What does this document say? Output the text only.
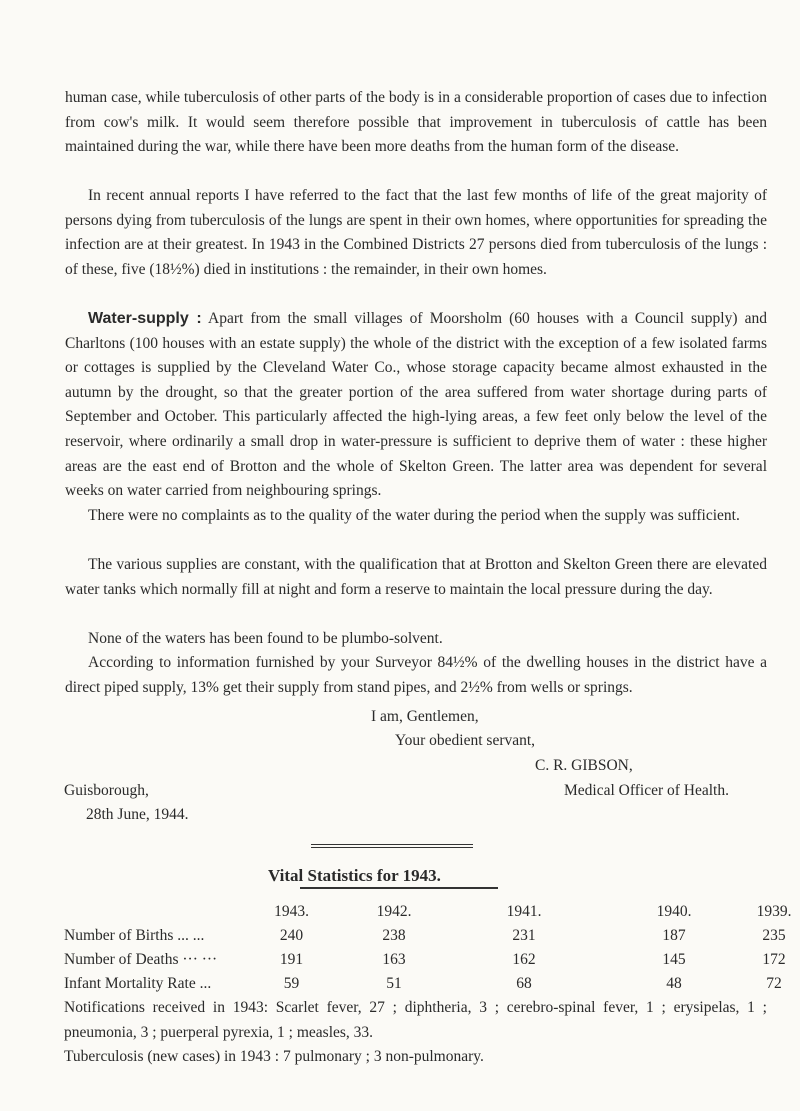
human case, while tuberculosis of other parts of the body is in a considerable proportion of cases due to infection from cow's milk. It would seem therefore possible that improvement in tuberculosis of cattle has been maintained during the war, while there have been more deaths from the human form of the disease.

In recent annual reports I have referred to the fact that the last few months of life of the great majority of persons dying from tuberculosis of the lungs are spent in their own homes, where opportunities for spreading the infection are at their greatest. In 1943 in the Combined Districts 27 persons died from tuberculosis of the lungs : of these, five (18½%) died in institutions : the remainder, in their own homes.

Water-supply : Apart from the small villages of Moorsholm (60 houses with a Council supply) and Charltons (100 houses with an estate supply) the whole of the district with the exception of a few isolated farms or cottages is supplied by the Cleveland Water Co., whose storage capacity became almost exhausted in the autumn by the drought, so that the greater portion of the area suffered from water shortage during parts of September and October. This particularly affected the high-lying areas, a few feet only below the level of the reservoir, where ordinarily a small drop in water-pressure is sufficient to deprive them of water : these higher areas are the east end of Brotton and the whole of Skelton Green. The latter area was dependent for several weeks on water carried from neighbouring springs.

There were no complaints as to the quality of the water during the period when the supply was sufficient.

The various supplies are constant, with the qualification that at Brotton and Skelton Green there are elevated water tanks which normally fill at night and form a reserve to maintain the local pressure during the day.

None of the waters has been found to be plumbo-solvent.

According to information furnished by your Surveyor 84½% of the dwelling houses in the district have a direct piped supply, 13% get their supply from stand pipes, and 2½% from wells or springs.

I am, Gentlemen,
Your obedient servant,
C. R. GIBSON,
Medical Officer of Health.
Guisborough,
28th June, 1944.
Vital Statistics for 1943.
	1943.	1942.	1941.	1940.	1939.
Number of Births ... ...	240	238	231	187	235
Number of Deaths ··· ···	191	163	162	145	172
Infant Mortality Rate ...	59	51	68	48	72

Notifications received in 1943: Scarlet fever, 27 ; diphtheria, 3 ; cerebro-spinal fever, 1 ; erysipelas, 1 ; pneumonia, 3 ; puerperal pyrexia, 1 ; measles, 33.

Tuberculosis (new cases) in 1943 : 7 pulmonary ; 3 non-pulmonary.
